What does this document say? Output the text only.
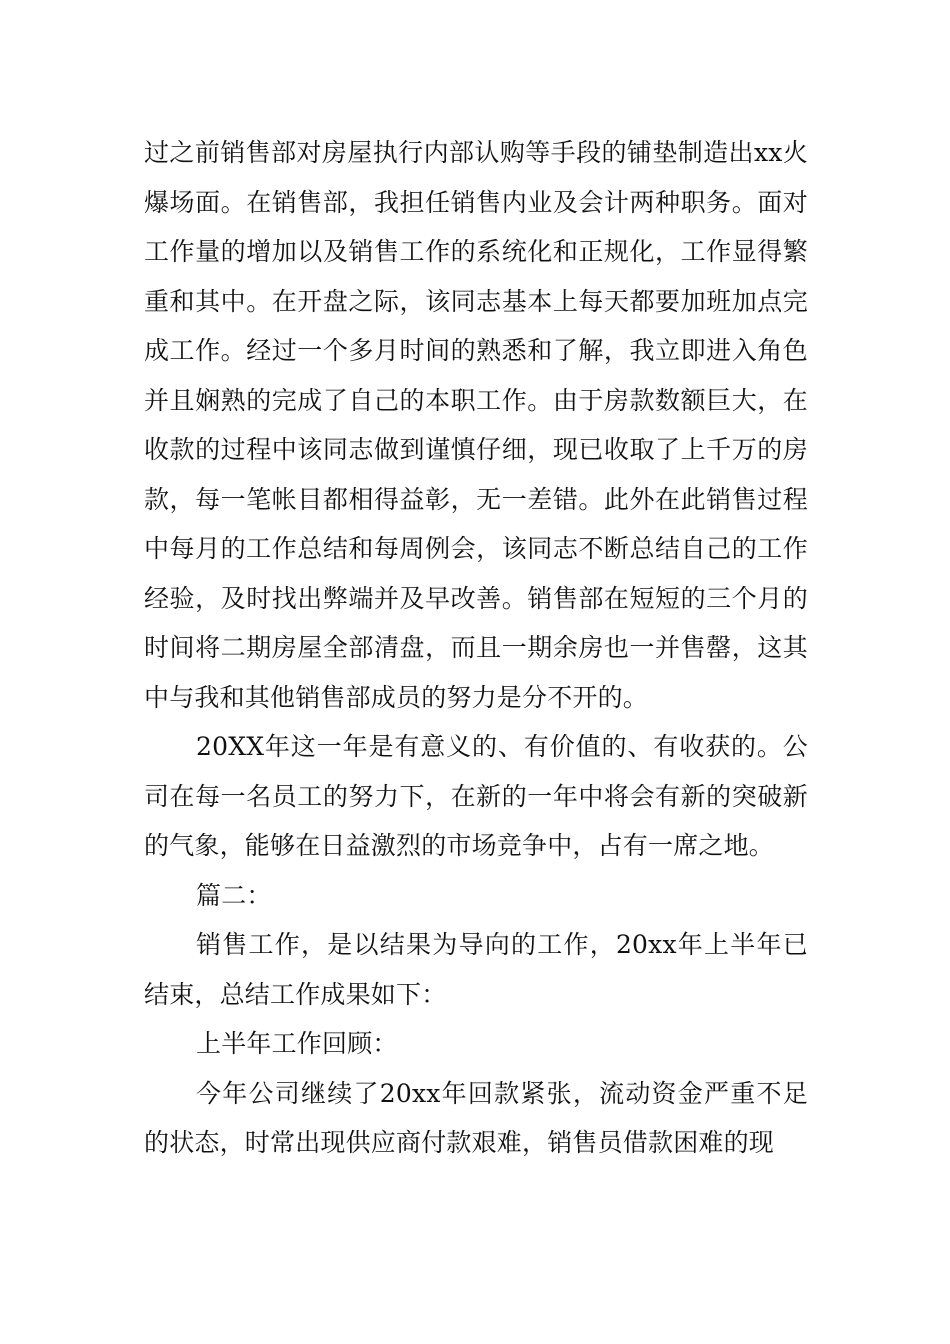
过之前销售部对房屋执行内部认购等手段的铺垫制造出xx火爆场面。在销售部，我担任销售内业及会计两种职务。面对工作量的增加以及销售工作的系统化和正规化，工作显得繁重和其中。在开盘之际，该同志基本上每天都要加班加点完成工作。经过一个多月时间的熟悉和了解，我立即进入角色并且娴熟的完成了自己的本职工作。由于房款数额巨大，在收款的过程中该同志做到谨慎仔细，现已收取了上千万的房款，每一笔帐目都相得益彰，无一差错。此外在此销售过程中每月的工作总结和每周例会，该同志不断总结自己的工作经验，及时找出弊端并及早改善。销售部在短短的三个月的时间将二期房屋全部清盘，而且一期余房也一并售罄，这其中与我和其他销售部成员的努力是分不开的。

20XX年这一年是有意义的、有价值的、有收获的。公司在每一名员工的努力下，在新的一年中将会有新的突破新的气象，能够在日益激烈的市场竞争中，占有一席之地。

篇二：

销售工作，是以结果为导向的工作，20xx年上半年已结束，总结工作成果如下：

上半年工作回顾：

今年公司继续了20xx年回款紧张，流动资金严重不足的状态，时常出现供应商付款艰难，销售员借款困难的现
